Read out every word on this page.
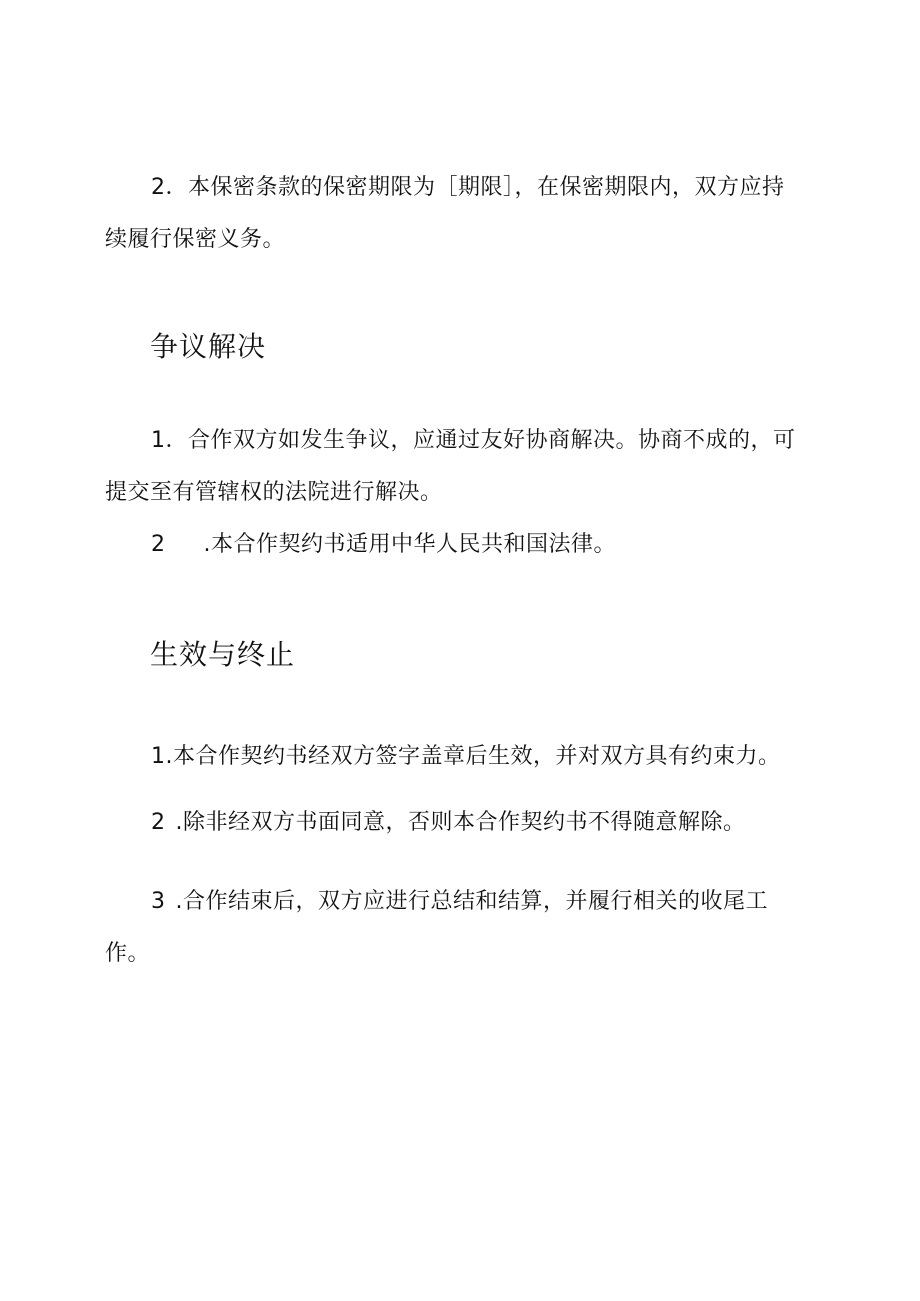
2．本保密条款的保密期限为［期限］，在保密期限内，双方应持续履行保密义务。

争议解决

1．合作双方如发生争议，应通过友好协商解决。协商不成的，可提交至有管辖权的法院进行解决。

2 .本合作契约书适用中华人民共和国法律。

生效与终止

1.本合作契约书经双方签字盖章后生效，并对双方具有约束力。

2 .除非经双方书面同意，否则本合作契约书不得随意解除。

3 .合作结束后，双方应进行总结和结算，并履行相关的收尾工作。
